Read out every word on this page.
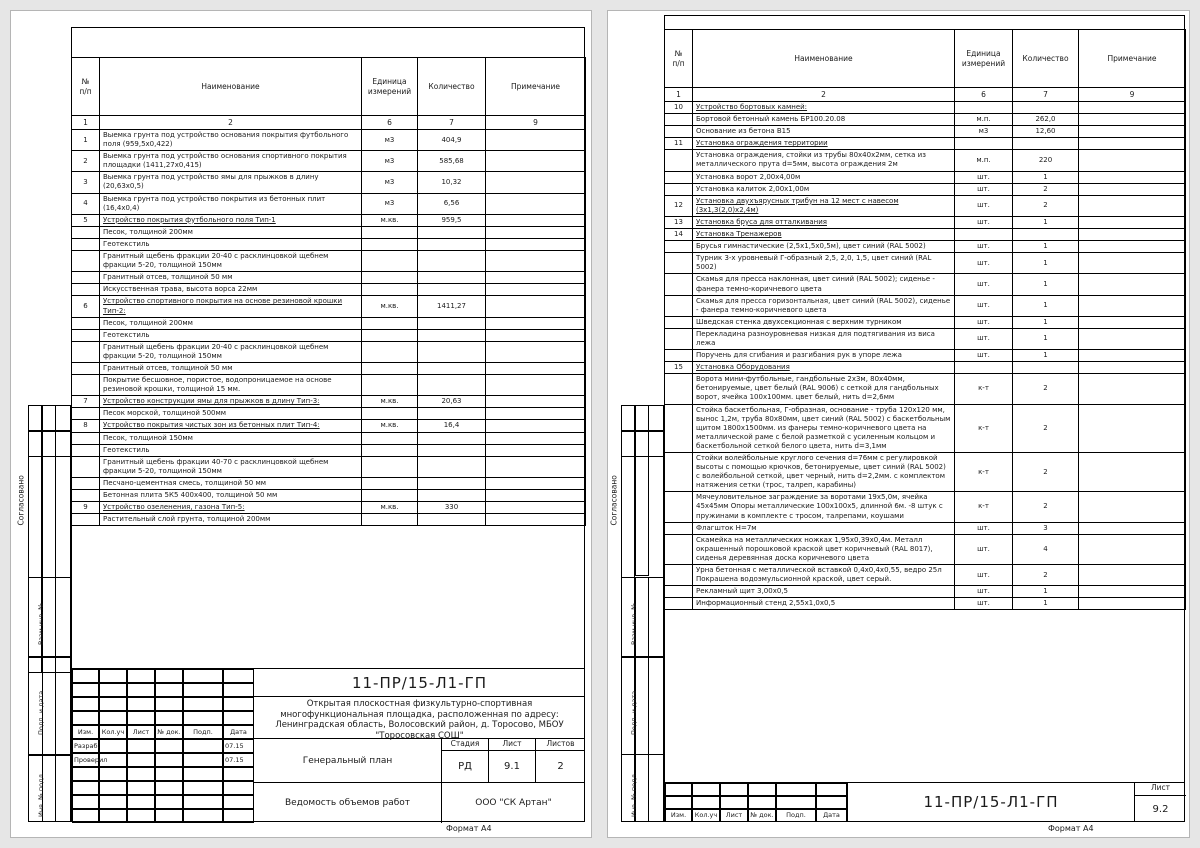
№
п/п	Наименование	Единица
измерений	Количество	Примечание
1	2	6	7	9
1	Выемка грунта под устройство основания покрытия футбольного поля (959,5х0,422)	м3	404,9	
2	Выемка грунта под устройство основания спортивного покрытия площадки (1411,27х0,415)	м3	585,68	
3	Выемка грунта под устройство ямы для прыжков в длину (20,63х0,5)	м3	10,32	
4	Выемка грунта под устройство покрытия из бетонных плит (16,4х0,4)	м3	6,56	
5	Устройство покрытия футбольного поля Тип-1	м.кв.	959,5	
	Песок, толщиной 200мм			
	Геотекстиль			
	Гранитный щебень фракции 20-40 с расклинцовкой щебнем фракции 5-20, толщиной 150мм			
	Гранитный отсев, толщиной 50 мм			
	Искусственная трава, высота ворса 22мм			
6	Устройство спортивного покрытия на основе резиновой крошки Тип-2:	м.кв.	1411,27	
	Песок, толщиной 200мм			
	Геотекстиль			
	Гранитный щебень фракции 20-40 с расклинцовкой щебнем фракции 5-20, толщиной 150мм			
	Гранитный отсев, толщиной 50 мм			
	Покрытие бесшовное, пористое, водопроницаемое на основе резиновой крошки, толщиной 15 мм.			
7	Устройство конструкции ямы для прыжков в длину Тип-3:	м.кв.	20,63	
	Песок морской, толщиной 500мм			
8	Устройство покрытия чистых зон из бетонных плит Тип-4:	м.кв.	16,4	
	Песок, толщиной 150мм			
	Геотекстиль			
	Гранитный щебень фракции 40-70 с расклинцовкой щебнем фракции 5-20, толщиной 150мм			
	Песчано-цементная смесь, толщиной 50 мм			
	Бетонная плита 5К5 400х400, толщиной 50 мм			
9	Устройство озеленения, газона Тип-5:	м.кв.	330	
	Растительный слой грунта, толщиной 200мм			
Согласовано
Взам инв. №
Подп. и дата
Инв. № подл.
Изм.	Кол.уч	Лист	№ док.	Подп.	Дата
Разраб.	07.15
Проверил	07.15
11-ПР/15-Л1-ГП
Открытая плоскостная физкультурно-спортивная многофункциональная площадка, расположенная по адресу: Ленинградская область, Волосовский район, д. Торосово, МБОУ "Торосовская СОШ"
Генеральный план
Стадия	Лист	Листов
РД	9.1	2
Ведомость объемов работ	ООО "СК Артан"
Формат А4
№
п/п	Наименование	Единица
измерений	Количество	Примечание
1	2	6	7	9
10	Устройство бортовых камней:			
	Бортовой бетонный камень БР100.20.08	м.п.	262,0	
	Основание из бетона В15	м3	12,60	
11	Установка ограждения территории			
	Установка ограждения, стойки из трубы 80х40х2мм, сетка из металлического прута d=5мм, высота ограждения 2м	м.п.	220	
	Установка ворот 2,00х4,00м	шт.	1	
	Установка калиток 2,00х1,00м	шт.	2	
12	Установка двухъярусных трибун на 12 мест с навесом (3х1,3(2,0)х2,4м)	шт.	2	
13	Установка бруса для отталкивания	шт.	1	
14	Установка Тренажеров			
	Брусья гимнастические (2,5х1,5х0,5м), цвет синий (RAL 5002)	шт.	1	
	Турник 3-х уровневый Г-образный 2,5, 2,0, 1,5, цвет синий (RAL 5002)	шт.	1	
	Скамья для пресса наклонная, цвет синий (RAL 5002); сиденье - фанера темно-коричневого цвета	шт.	1	
	Скамья для пресса горизонтальная, цвет синий (RAL 5002), сиденье - фанера темно-коричневого цвета	шт.	1	
	Шведская стенка двухсекционная с верхним турником	шт.	1	
	Перекладина разноуровневая низкая для подтягивания из виса лежа	шт.	1	
	Поручень для сгибания и разгибания рук в упоре лежа	шт.	1	
15	Установка Оборудования			
	Ворота мини-футбольные, гандбольные 2х3м, 80х40мм, бетонируемые, цвет белый (RAL 9006) с сеткой для гандбольных ворот, ячейка 100х100мм. цвет белый, нить d=2,6мм	к-т	2	
	Стойка баскетбольная, Г-образная, основание - труба 120х120 мм, вынос 1,2м, труба 80х80мм, цвет синий (RAL 5002) с баскетбольным щитом 1800х1500мм. из фанеры темно-коричневого цвета на металлической раме с белой разметкой с усиленным кольцом и баскетбольной сеткой белого цвета, нить d=3,1мм	к-т	2	
	Стойки волейбольные круглого сечения d=76мм с регулировкой высоты с помощью крючков, бетонируемые, цвет синий (RAL 5002) с волейбольной сеткой, цвет черный, нить d=2,2мм. с комплектом натяжения сетки (трос, талреп, карабины)	к-т	2	
	Мячеуловительное заграждение за воротами 19х5,0м, ячейка 45х45мм Опоры металлические 100х100х5, длинной 6м. -8 штук с пружинами в комплекте с тросом, талрепами, коушами	к-т	2	
	Флагшток Н=7м	шт.	3	
	Скамейка на металлических ножках 1,95х0,39х0,4м. Металл окрашенный порошковой краской цвет коричневый (RAL 8017), сиденья деревянная доска коричневого цвета	шт.	4	
	Урна бетонная с металлической вставкой 0,4х0,4х0,55, ведро 25л Покрашена водоэмульсионной краской, цвет серый.	шт.	2	
	Рекламный щит 3,00х0,5	шт.	1	
	Информационный стенд 2,55х1,0х0,5	шт.	1	
Согласовано
Взам инв. №
Подп. и дата
Инв. № подл.	Изм.	Кол.уч	Лист	№ док.	Подп.	Дата
11-ПР/15-Л1-ГП
Лист
9.2
Формат А4
